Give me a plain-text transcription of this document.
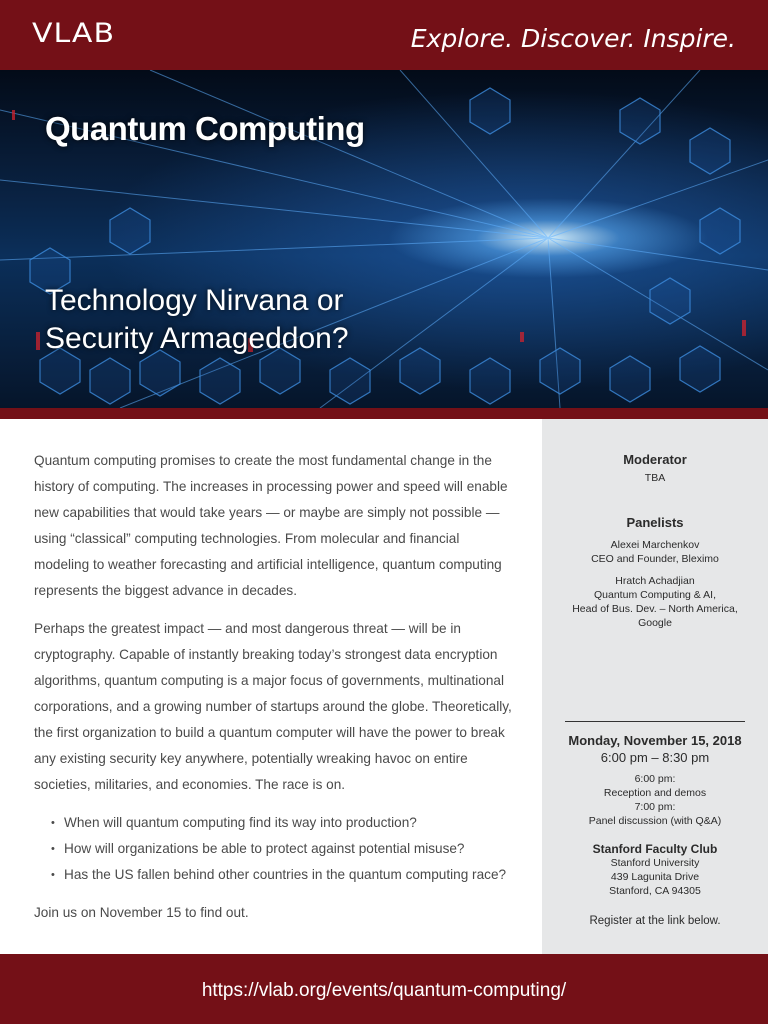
VLAB	Explore. Discover. Inspire.
Quantum Computing
Technology Nirvana or
Security Armageddon?

Quantum computing promises to create the most fundamental change in the history of computing. The increases in processing power and speed will enable new capabilities that would take years — or maybe are simply not possible — using “classical” computing technologies. From molecular and financial modeling to weather forecasting and artificial intelligence, quantum computing represents the biggest advance in decades.

Perhaps the greatest impact — and most dangerous threat — will be in cryptography. Capable of instantly breaking today’s strongest data encryption algorithms, quantum computing is a major focus of governments, multinational corporations, and a growing number of startups around the globe. Theoretically, the first organization to build a quantum computer will have the power to break any existing security key anywhere, potentially wreaking havoc on entire societies, militaries, and economies. The race is on.

• When will quantum computing find its way into production?
• How will organizations be able to protect against potential misuse?
• Has the US fallen behind other countries in the quantum computing race?

Join us on November 15 to find out.

Moderator
TBA
Panelists
Alexei Marchenkov
CEO and Founder, Bleximo
Hratch Achadjian
Quantum Computing & AI,
Head of Bus. Dev. – North America,
Google
Monday, November 15, 2018
6:00 pm – 8:30 pm
6:00 pm:
Reception and demos
7:00 pm:
Panel discussion (with Q&A)
Stanford Faculty Club
Stanford University
439 Lagunita Drive
Stanford, CA 94305
Register at the link below.
https://vlab.org/events/quantum-computing/
